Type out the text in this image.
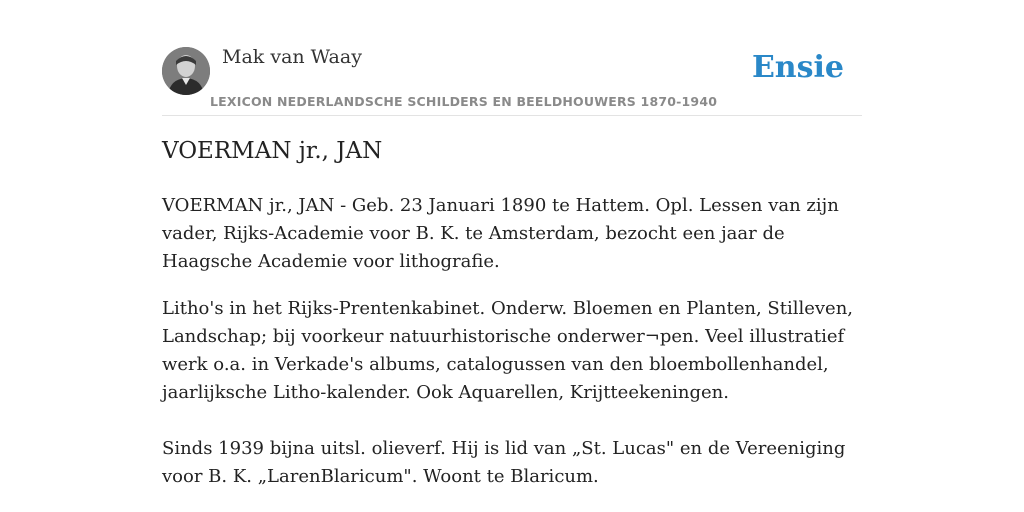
Mak van Waay
LEXICON NEDERLANDSCHE SCHILDERS EN BEELDHOUWERS 1870-1940
Ensie
VOERMAN jr., JAN

VOERMAN jr., JAN - Geb. 23 Januari 1890 te Hattem. Opl. Lessen van zijn vader, Rijks-Academie voor B. K. te Amsterdam, bezocht een jaar de Haagsche Academie voor lithografie.

Litho's in het Rijks-Prentenkabinet. Onderw. Bloemen en Planten, Stilleven, Landschap; bij voorkeur natuurhistorische onderwer¬pen. Veel illustratief werk o.a. in Verkade's albums, catalogussen van den bloembollenhandel, jaarlijksche Litho-kalender. Ook Aquarellen, Krijtteekeningen.

Sinds 1939 bijna uitsl. olieverf. Hij is lid van „St. Lucas" en de Vereeniging voor B. K. „LarenBlaricum". Woont te Blaricum.
